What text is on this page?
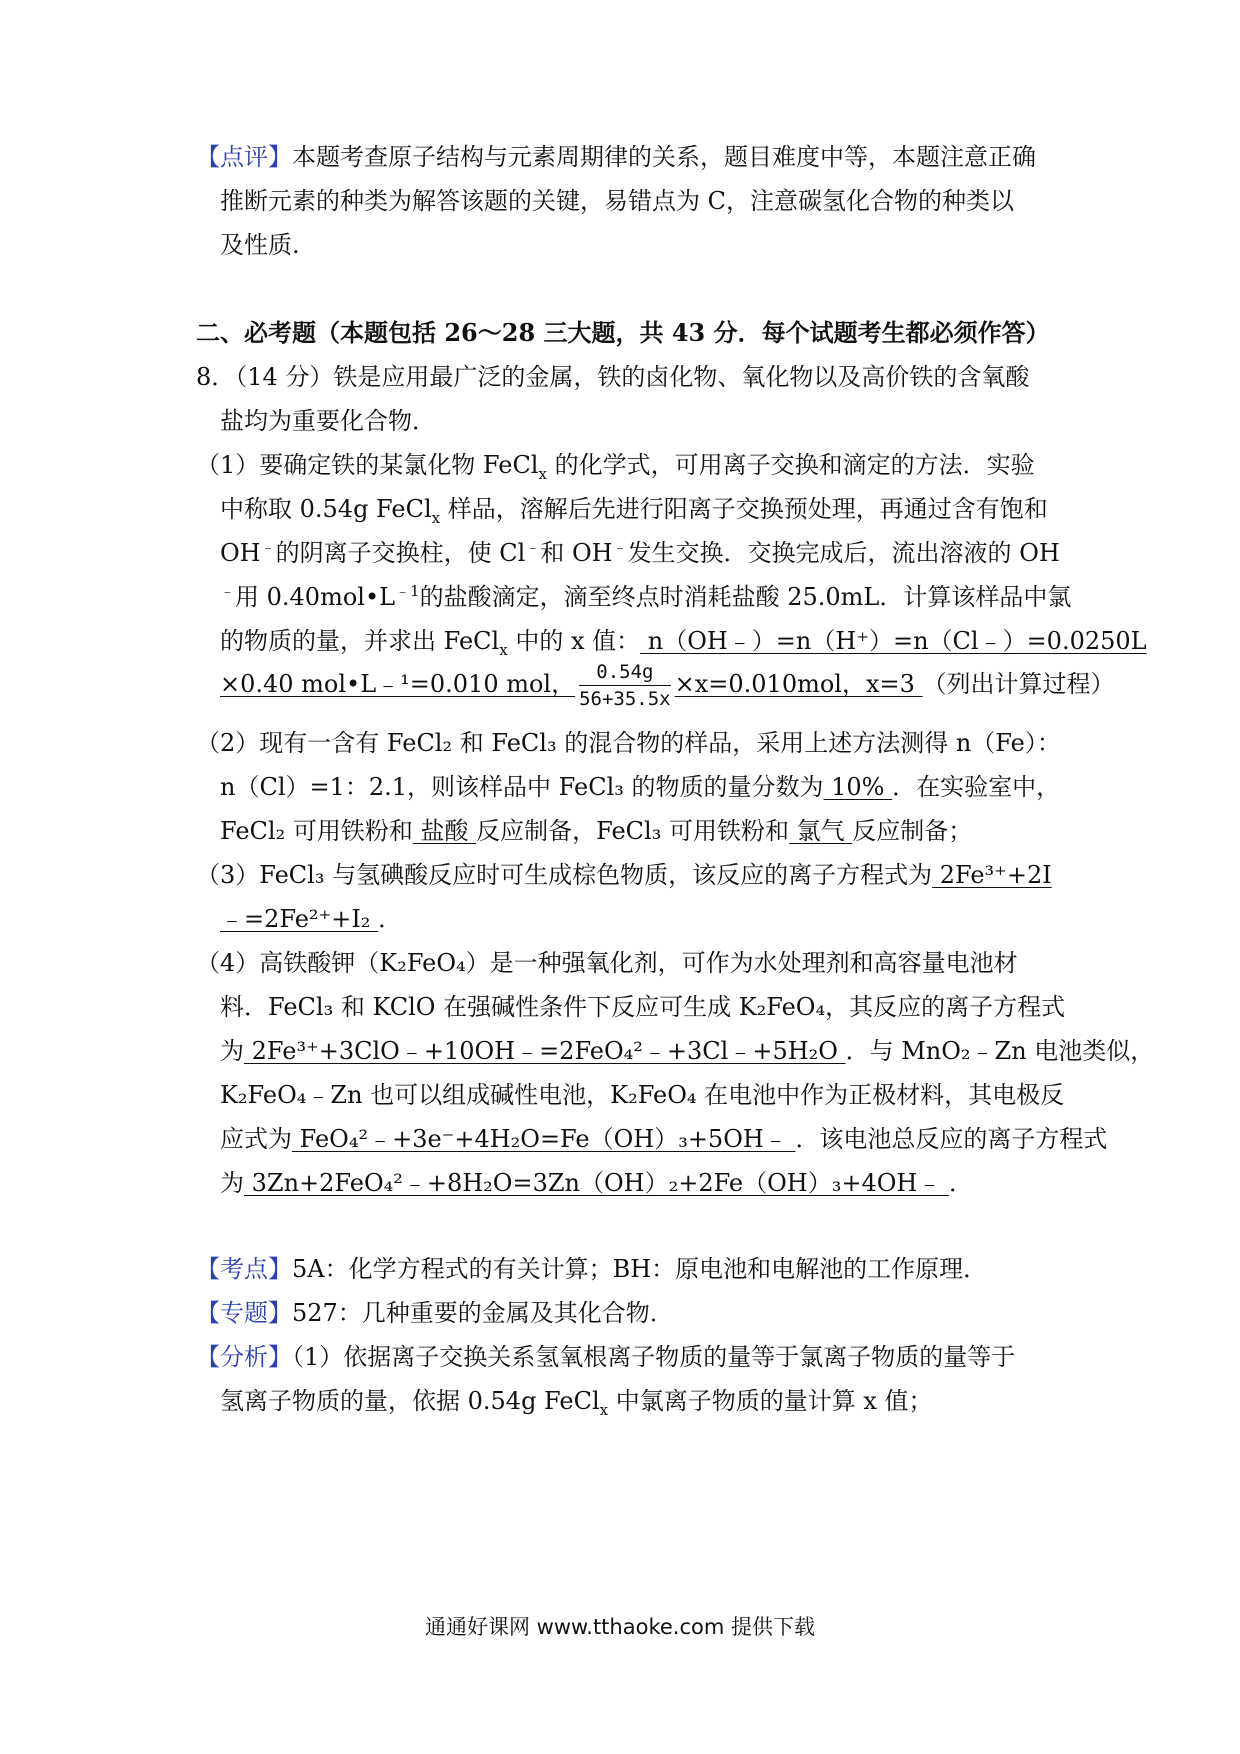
【点评】本题考查原子结构与元素周期律的关系，题目难度中等，本题注意正确
推断元素的种类为解答该题的关键，易错点为 C，注意碳氢化合物的种类以
及性质.
二、必考题（本题包括 26～28 三大题，共 43 分．每个试题考生都必须作答）
8．（14 分）铁是应用最广泛的金属，铁的卤化物、氧化物以及高价铁的含氧酸
盐均为重要化合物．
（1）要确定铁的某氯化物 FeCl$_x$ 的化学式，可用离子交换和滴定的方法．实验
中称取 0.54g FeCl$_x$ 样品，溶解后先进行阳离子交换预处理，再通过含有饱和
OH﹣的阴离子交换柱，使 Cl﹣和 OH﹣发生交换．交换完成后，流出溶液的 OH
﹣用 $0.40mol•L^{﹣1}$的盐酸滴定，滴至终点时消耗盐酸 25.0mL．计算该样品中氯
的物质的量，并求出 FeCl$_x$ 中的 x 值： n（OH﹣）=n（H⁺）=n（Cl﹣）=0.0250L
×0.40 mol•L﹣¹=0.010 mol， $\frac{0.54g}{56+35.5x} \times x=0.010mol$，x=3 （列出计算过程）
（2）现有一含有 FeCl₂ 和 FeCl₃ 的混合物的样品，采用上述方法测得 n（Fe）：
n（Cl）=1：2.1，则该样品中 FeCl₃ 的物质的量分数为 10% ．在实验室中，
FeCl₂ 可用铁粉和 盐酸 反应制备，FeCl₃ 可用铁粉和 氯气 反应制备；
（3）FeCl₃ 与氢碘酸反应时可生成棕色物质，该反应的离子方程式为 2Fe³⁺+2I
﹣=2Fe²⁺+I₂ ．
（4）高铁酸钾（K₂FeO₄）是一种强氧化剂，可作为水处理剂和高容量电池材
料．FeCl₃ 和 KClO 在强碱性条件下反应可生成 K₂FeO₄，其反应的离子方程式
为 2Fe³⁺+3ClO﹣+10OH﹣=2FeO₄²﹣+3Cl﹣+5H₂O ．与 MnO₂﹣Zn 电池类似，
K₂FeO₄﹣Zn 也可以组成碱性电池，K₂FeO₄ 在电池中作为正极材料，其电极反
应式为 FeO₄²﹣+3e⁻+4H₂O=Fe（OH）₃+5OH﹣ ．该电池总反应的离子方程式
为 3Zn+2FeO₄²﹣+8H₂O=3Zn（OH）₂+2Fe（OH）₃+4OH﹣ ．
【考点】5A：化学方程式的有关计算；BH：原电池和电解池的工作原理．
【专题】527：几种重要的金属及其化合物．
【分析】（1）依据离子交换关系氢氧根离子物质的量等于氯离子物质的量等于
氢离子物质的量，依据 0.54g FeCl$_x$ 中氯离子物质的量计算 x 值；
通通好课网 www.tthaoke.com 提供下载
